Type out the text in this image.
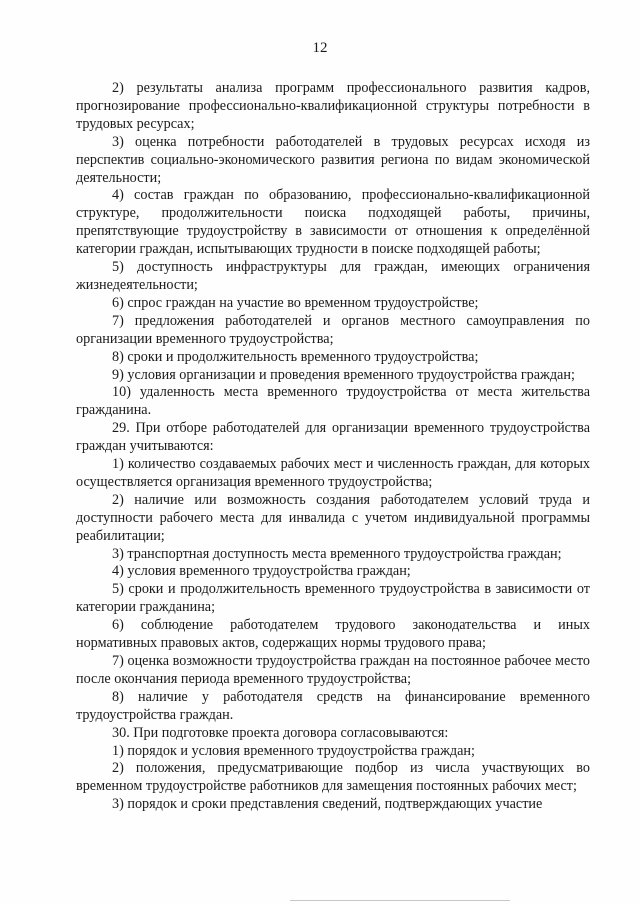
12

2) результаты анализа программ профессионального развития кадров, прогнозирование профессионально-квалификационной структуры потребности в трудовых ресурсах;

3) оценка потребности работодателей в трудовых ресурсах исходя из перспектив социально-экономического развития региона по видам экономической деятельности;

4) состав граждан по образованию, профессионально-квалификационной структуре, продолжительности поиска подходящей работы, причины, препятствующие трудоустройству в зависимости от отношения к определённой категории граждан, испытывающих трудности в поиске подходящей работы;

5) доступность инфраструктуры для граждан, имеющих ограничения жизнедеятельности;

6) спрос граждан на участие во временном трудоустройстве;

7) предложения работодателей и органов местного самоуправления по организации временного трудоустройства;

8) сроки и продолжительность временного трудоустройства;

9) условия организации и проведения временного трудоустройства граждан;

10) удаленность места временного трудоустройства от места жительства гражданина.

29. При отборе работодателей для организации временного трудоустройства граждан учитываются:

1) количество создаваемых рабочих мест и численность граждан, для которых осуществляется организация временного трудоустройства;

2) наличие или возможность создания работодателем условий труда и доступности рабочего места для инвалида с учетом индивидуальной программы реабилитации;

3) транспортная доступность места временного трудоустройства граждан;

4) условия временного трудоустройства граждан;

5) сроки и продолжительность временного трудоустройства в зависимости от категории гражданина;

6) соблюдение работодателем трудового законодательства и иных нормативных правовых актов, содержащих нормы трудового права;

7) оценка возможности трудоустройства граждан на постоянное рабочее место после окончания периода временного трудоустройства;

8) наличие у работодателя средств на финансирование временного трудоустройства граждан.

30. При подготовке проекта договора согласовываются:

1) порядок и условия временного трудоустройства граждан;

2) положения, предусматривающие подбор из числа участвующих во временном трудоустройстве работников для замещения постоянных рабочих мест;

3) порядок и сроки представления сведений, подтверждающих участие
